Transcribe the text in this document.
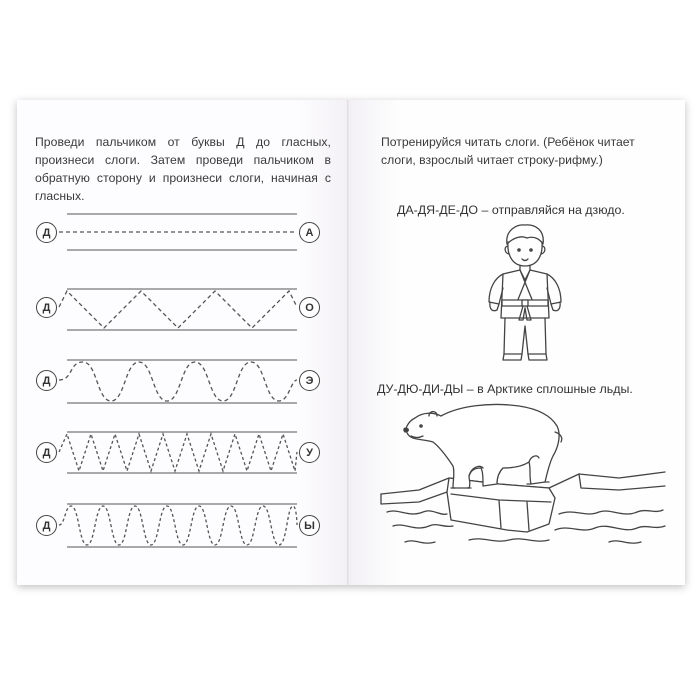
Проведи пальчиком от буквы Д до гласных, произнеси слоги. Затем проведи пальчиком в обратную сторону и произнеси слоги, начиная с гласных.

Д	А
Д	О
Д	Э
Д	У
Д	Ы

Потренируйся читать слоги. (Ребёнок читает слоги, взрослый читает строку-рифму.)

ДА-ДЯ-ДЕ-ДО – отправляйся на дзюдо.
ДУ-ДЮ-ДИ-ДЫ – в Арктике сплошные льды.
